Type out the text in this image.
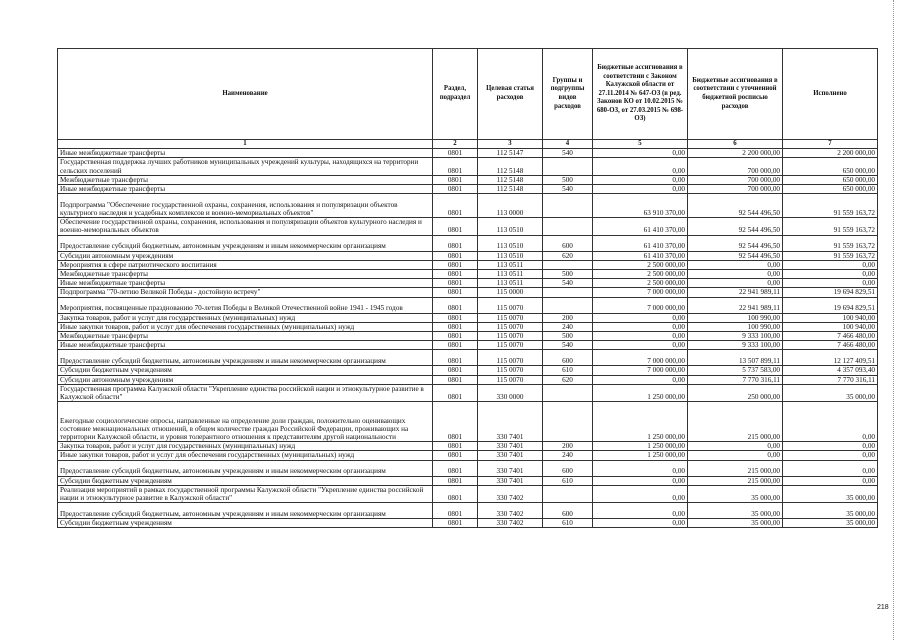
Наименование	Раздел, подраздел	Целевая статья расходов	Группы и подгруппы видов расходов	Бюджетные ассигнования в соответствии с Законом Калужской области от 27.11.2014 № 647-ОЗ (в ред. Законов КО от 10.02.2015 № 680-ОЗ, от 27.03.2015 № 698-ОЗ)	Бюджетные ассигнования в соответствии с уточненной бюджетной росписью расходов	Исполнено
1	2	3	4	5	6	7
Иные межбюджетные трансферты	0801	112 5147	540	0,00	2 200 000,00	2 200 000,00
Государственная поддержка лучших работников муниципальных учреждений культуры, находящихся на территории сельских поселений	0801	112 5148		0,00	700 000,00	650 000,00
Межбюджетные трансферты	0801	112 5148	500	0,00	700 000,00	650 000,00
Иные межбюджетные трансферты	0801	112 5148	540	0,00	700 000,00	650 000,00
Подпрограмма "Обеспечение государственной охраны, сохранения, использования и популяризации объектов культурного наследия и усадебных комплексов и военно-мемориальных объектов"	0801	113 0000		63 910 370,00	92 544 496,50	91 559 163,72
Обеспечение государственной охраны, сохранения, использования и популяризации объектов культурного наследия и военно-мемориальных объектов	0801	113 0510		61 410 370,00	92 544 496,50	91 559 163,72
Предоставление субсидий бюджетным, автономным учреждениям и иным некоммерческим организациям	0801	113 0510	600	61 410 370,00	92 544 496,50	91 559 163,72
Субсидии автономным учреждениям	0801	113 0510	620	61 410 370,00	92 544 496,50	91 559 163,72
Мероприятия в сфере патриотического воспитания	0801	113 0511		2 500 000,00	0,00	0,00
Межбюджетные трансферты	0801	113 0511	500	2 500 000,00	0,00	0,00
Иные межбюджетные трансферты	0801	113 0511	540	2 500 000,00	0,00	0,00
Подпрограмма "70-летию Великой Победы - достойную встречу"	0801	115 0000		7 000 000,00	22 941 989,11	19 694 829,51
Мероприятия, посвященные празднованию 70-летия Победы в Великой Отечественной войне 1941 - 1945 годов	0801	115 0070		7 000 000,00	22 941 989,11	19 694 829,51
Закупка товаров, работ и услуг для государственных (муниципальных) нужд	0801	115 0070	200	0,00	100 990,00	100 940,00
Иные закупки товаров, работ и услуг для обеспечения государственных (муниципальных) нужд	0801	115 0070	240	0,00	100 990,00	100 940,00
Межбюджетные трансферты	0801	115 0070	500	0,00	9 333 100,00	7 466 480,00
Иные межбюджетные трансферты	0801	115 0070	540	0,00	9 333 100,00	7 466 480,00
Предоставление субсидий бюджетным, автономным учреждениям и иным некоммерческим организациям	0801	115 0070	600	7 000 000,00	13 507 899,11	12 127 409,51
Субсидии бюджетным учреждениям	0801	115 0070	610	7 000 000,00	5 737 583,00	4 357 093,40
Субсидии автономным учреждениям	0801	115 0070	620	0,00	7 770 316,11	7 770 316,11
Государственная программа Калужской области "Укрепление единства российской нации и этнокультурное развитие в Калужской области"	0801	330 0000		1 250 000,00	250 000,00	35 000,00
Ежегодные социологические опросы, направленные на определение доли граждан, положительно оценивающих состояние межнациональных отношений, в общем количестве граждан Российской Федерации, проживающих на территории Калужской области, и уровня толерантного отношения к представителям другой национальности	0801	330 7401		1 250 000,00	215 000,00	0,00
Закупка товаров, работ и услуг для государственных (муниципальных) нужд	0801	330 7401	200	1 250 000,00	0,00	0,00
Иные закупки товаров, работ и услуг для обеспечения государственных (муниципальных) нужд	0801	330 7401	240	1 250 000,00	0,00	0,00
Предоставление субсидий бюджетным, автономным учреждениям и иным некоммерческим организациям	0801	330 7401	600	0,00	215 000,00	0,00
Субсидии бюджетным учреждениям	0801	330 7401	610	0,00	215 000,00	0,00
Реализация мероприятий в рамках государственной программы Калужской области "Укрепление единства российской нации и этнокультурное развитие в Калужской области"	0801	330 7402		0,00	35 000,00	35 000,00
Предоставление субсидий бюджетным, автономным учреждениям и иным некоммерческим организациям	0801	330 7402	600	0,00	35 000,00	35 000,00
Субсидии бюджетным учреждениям	0801	330 7402	610	0,00	35 000,00	35 000,00
218
